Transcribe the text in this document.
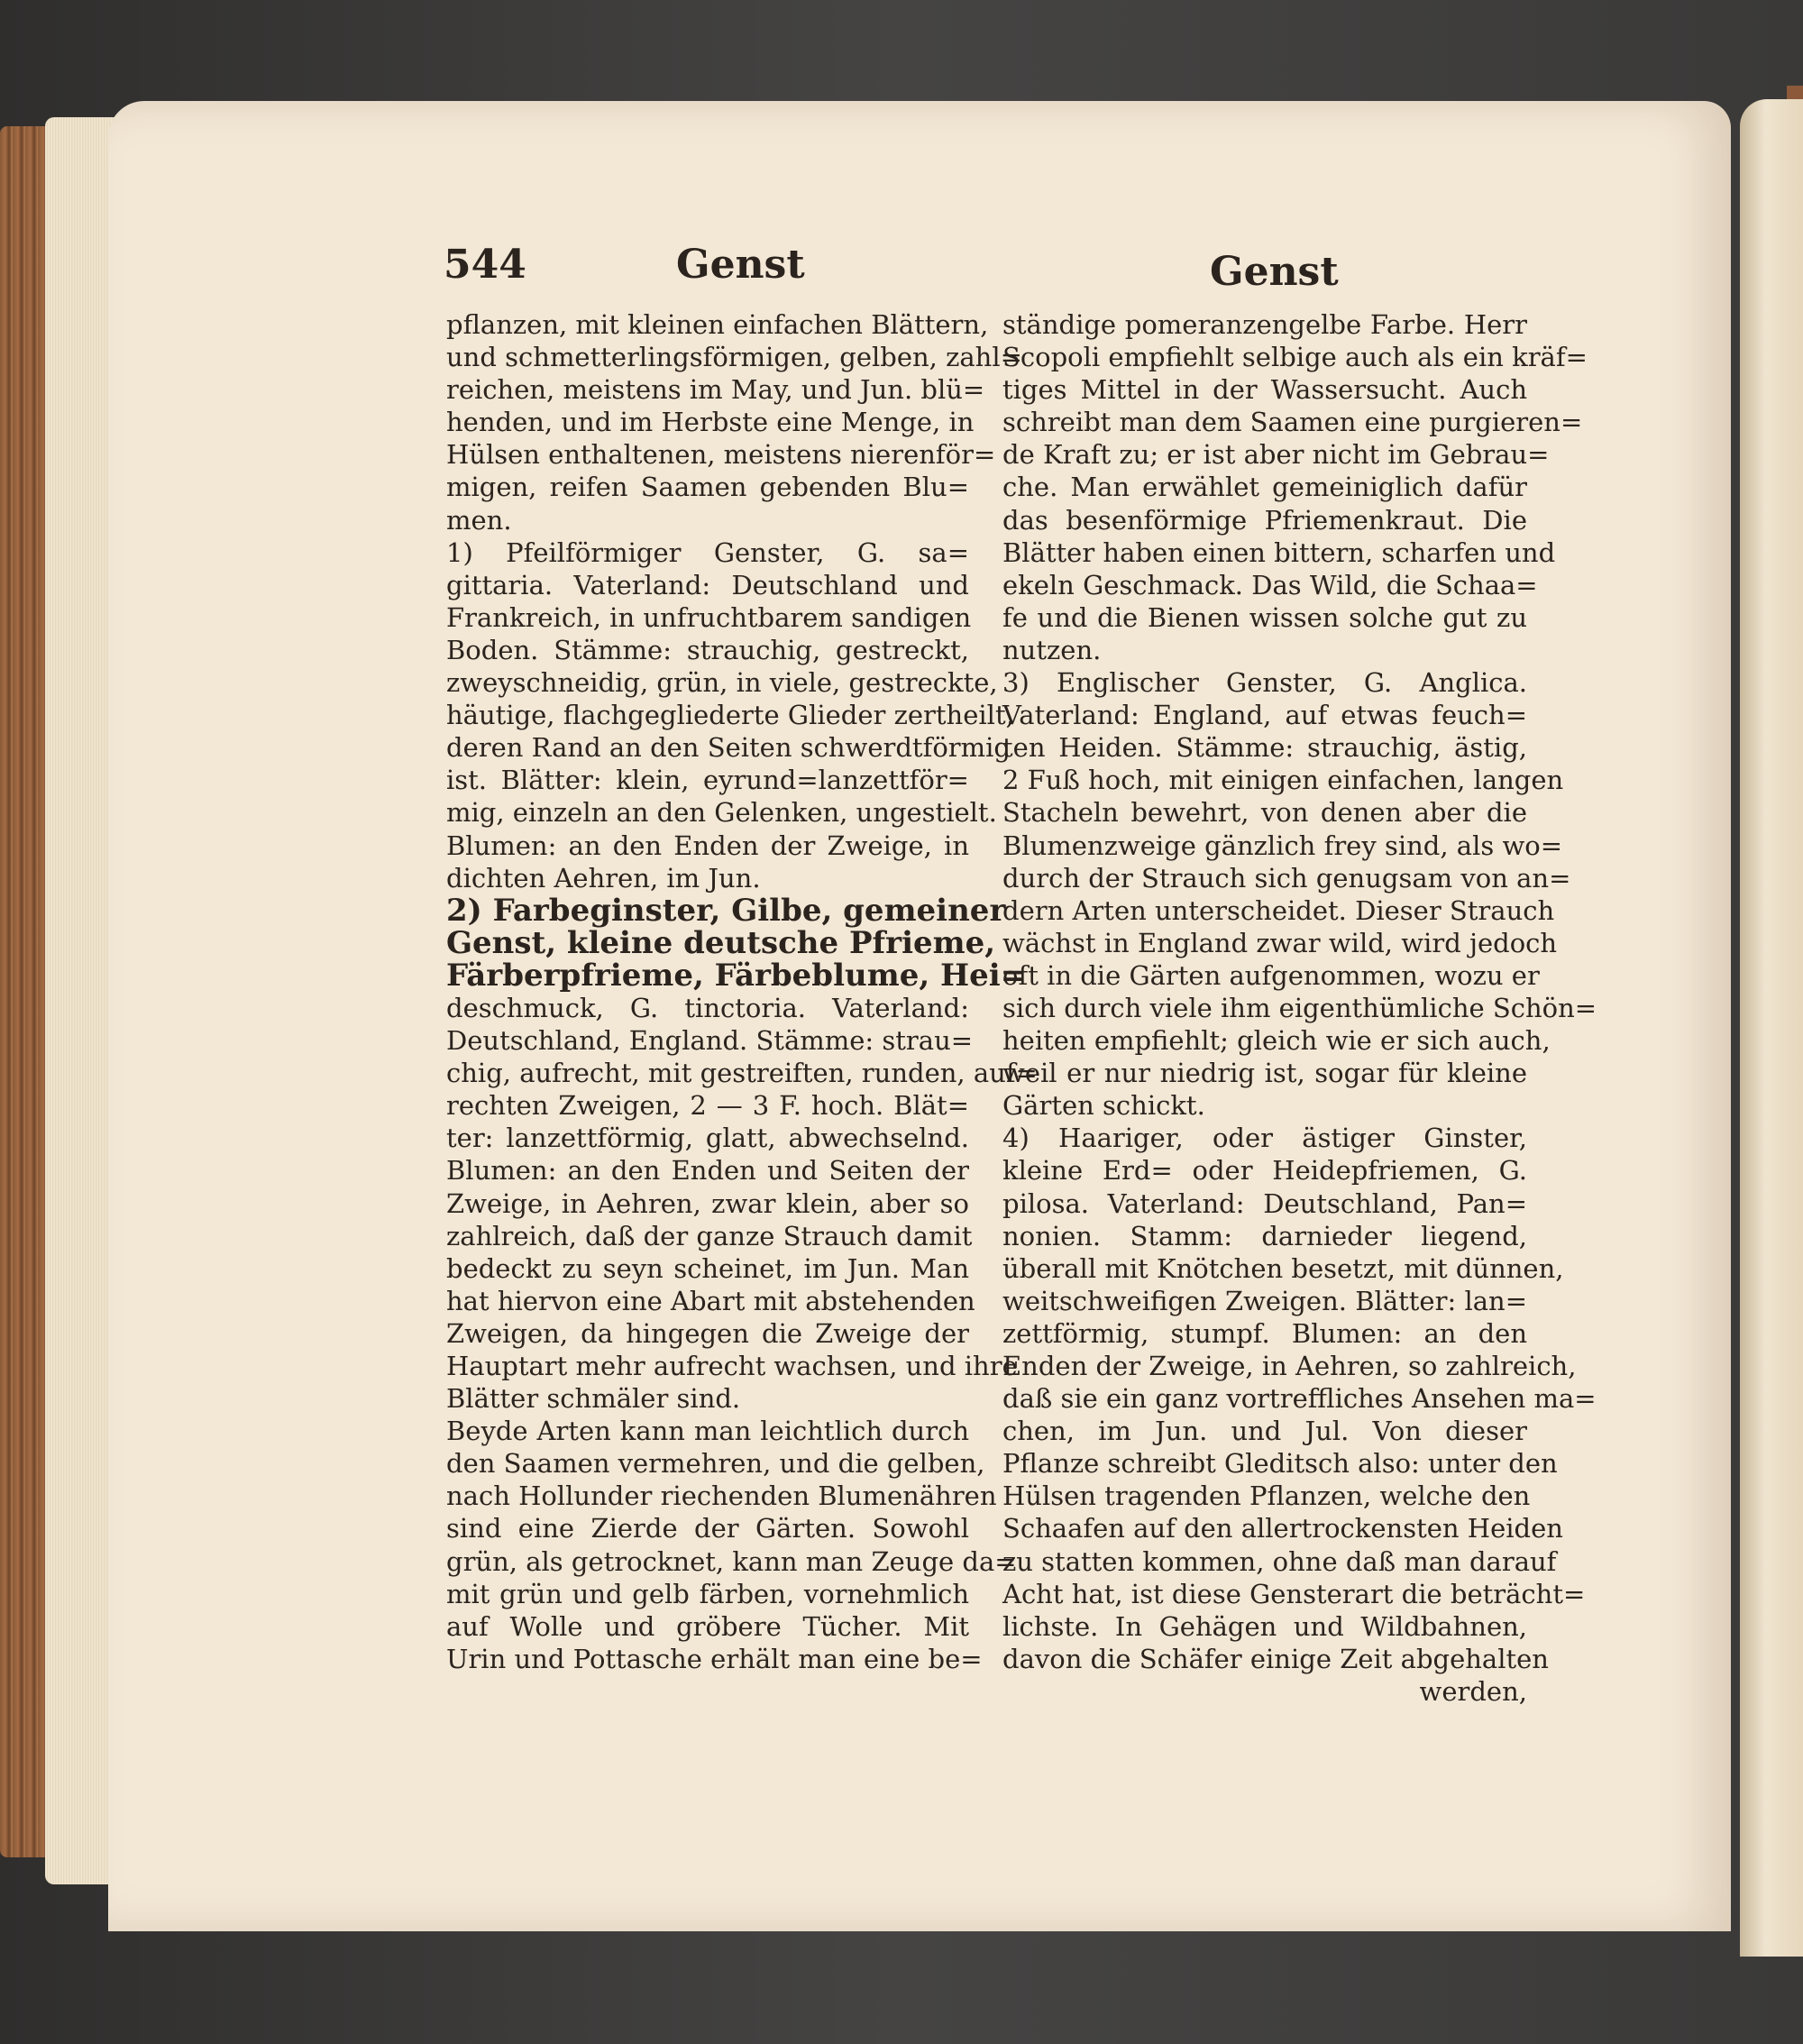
544	Genst	Genst
pflanzen, mit kleinen einfachen Blättern,
und schmetterlingsförmigen, gelben, zahl=
reichen, meistens im May, und Jun. blü=
henden, und im Herbste eine Menge, in
Hülsen enthaltenen, meistens nierenför=
migen, reifen Saamen gebenden Blu=
men.
1) Pfeilförmiger Genster, G. sa=
gittaria. Vaterland: Deutschland und
Frankreich, in unfruchtbarem sandigen
Boden. Stämme: strauchig, gestreckt,
zweyschneidig, grün, in viele, gestreckte,
häutige, flachgegliederte Glieder zertheilt,
deren Rand an den Seiten schwerdtförmig
ist. Blätter: klein, eyrund=lanzettför=
mig, einzeln an den Gelenken, ungestielt.
Blumen: an den Enden der Zweige, in
dichten Aehren, im Jun.
2) Farbeginster, Gilbe, gemeiner
Genst, kleine deutsche Pfrieme,
Färberpfrieme, Färbeblume, Hei=
deschmuck, G. tinctoria. Vaterland:
Deutschland, England. Stämme: strau=
chig, aufrecht, mit gestreiften, runden, auf=
rechten Zweigen, 2 — 3 F. hoch. Blät=
ter: lanzettförmig, glatt, abwechselnd.
Blumen: an den Enden und Seiten der
Zweige, in Aehren, zwar klein, aber so
zahlreich, daß der ganze Strauch damit
bedeckt zu seyn scheinet, im Jun. Man
hat hiervon eine Abart mit abstehenden
Zweigen, da hingegen die Zweige der
Hauptart mehr aufrecht wachsen, und ihre
Blätter schmäler sind.
Beyde Arten kann man leichtlich durch
den Saamen vermehren, und die gelben,
nach Hollunder riechenden Blumenähren
sind eine Zierde der Gärten. Sowohl
grün, als getrocknet, kann man Zeuge da=
mit grün und gelb färben, vornehmlich
auf Wolle und gröbere Tücher. Mit
Urin und Pottasche erhält man eine be=
ständige pomeranzengelbe Farbe. Herr
Scopoli empfiehlt selbige auch als ein kräf=
tiges Mittel in der Wassersucht. Auch
schreibt man dem Saamen eine purgieren=
de Kraft zu; er ist aber nicht im Gebrau=
che. Man erwählet gemeiniglich dafür
das besenförmige Pfriemenkraut. Die
Blätter haben einen bittern, scharfen und
ekeln Geschmack. Das Wild, die Schaa=
fe und die Bienen wissen solche gut zu
nutzen.
3) Englischer Genster, G. Anglica.
Vaterland: England, auf etwas feuch=
ten Heiden. Stämme: strauchig, ästig,
2 Fuß hoch, mit einigen einfachen, langen
Stacheln bewehrt, von denen aber die
Blumenzweige gänzlich frey sind, als wo=
durch der Strauch sich genugsam von an=
dern Arten unterscheidet. Dieser Strauch
wächst in England zwar wild, wird jedoch
oft in die Gärten aufgenommen, wozu er
sich durch viele ihm eigenthümliche Schön=
heiten empfiehlt; gleich wie er sich auch,
weil er nur niedrig ist, sogar für kleine
Gärten schickt.
4) Haariger, oder ästiger Ginster,
kleine Erd= oder Heidepfriemen, G.
pilosa. Vaterland: Deutschland, Pan=
nonien. Stamm: darnieder liegend,
überall mit Knötchen besetzt, mit dünnen,
weitschweifigen Zweigen. Blätter: lan=
zettförmig, stumpf. Blumen: an den
Enden der Zweige, in Aehren, so zahlreich,
daß sie ein ganz vortreffliches Ansehen ma=
chen, im Jun. und Jul. Von dieser
Pflanze schreibt Gleditsch also: unter den
Hülsen tragenden Pflanzen, welche den
Schaafen auf den allertrockensten Heiden
zu statten kommen, ohne daß man darauf
Acht hat, ist diese Gensterart die beträcht=
lichste. In Gehägen und Wildbahnen,
davon die Schäfer einige Zeit abgehalten
werden,
